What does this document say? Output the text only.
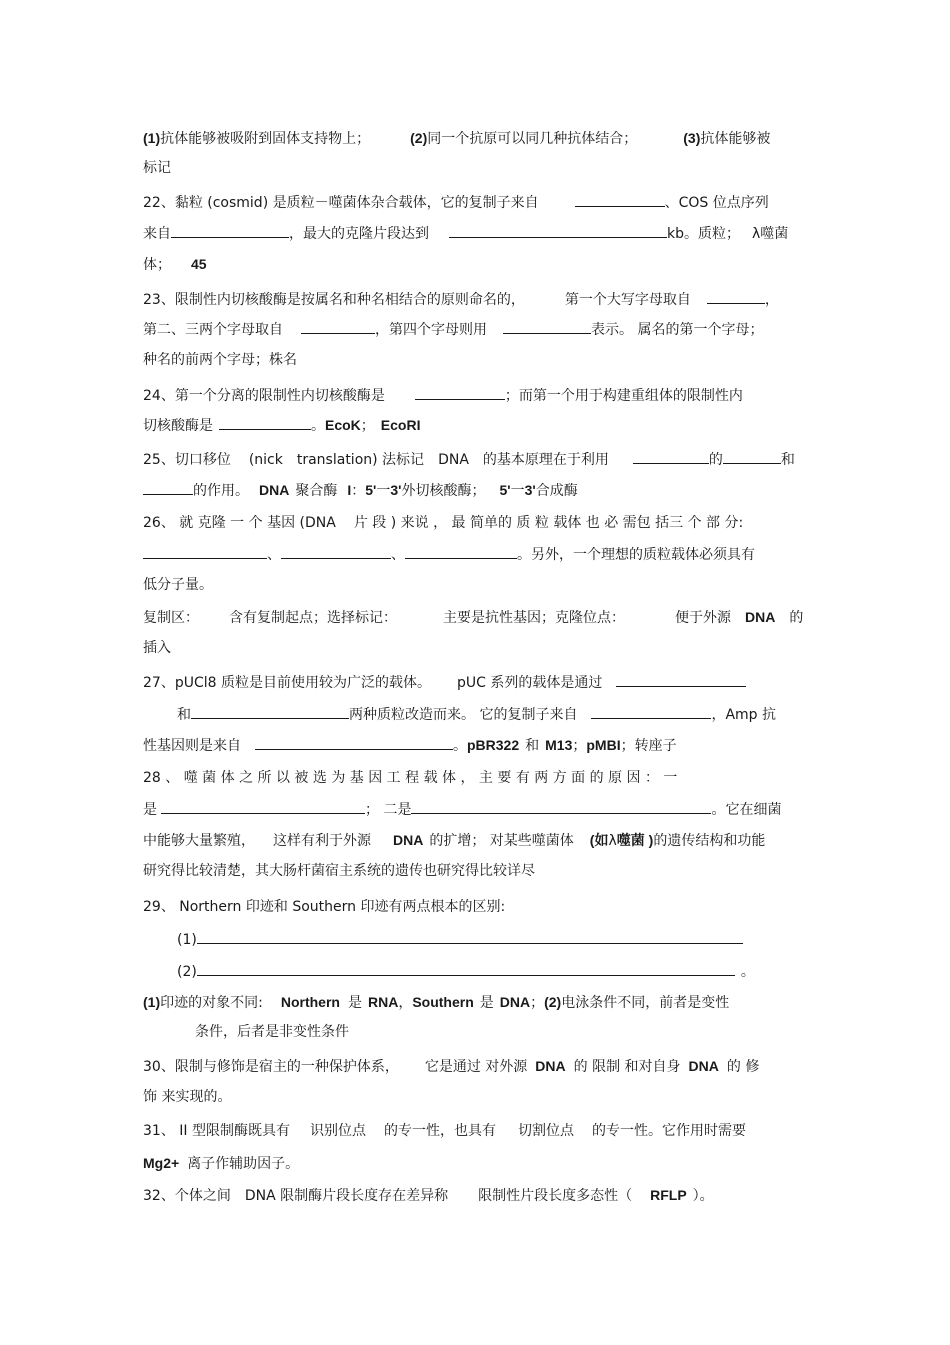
(1)抗体能够被吸附到固体支持物上；	(2)同一个抗原可以同几种抗体结合；	(3)抗体能够被
标记
22、黏粒 (cosmid) 是质粒－噬菌体杂合载体，它的复制子来自	、COS 位点序列
来自	，最大的克隆片段达到	kb。质粒； λ噬菌
体； 45
23、限制性内切核酸酶是按属名和种名相结合的原则命名的，	第一个大写字母取自	，
第二、三两个字母取自	，第四个字母则用	表示。 属名的第一个字母；
种名的前两个字母；株名
24、第一个分离的限制性内切核酸酶是	；而第一个用于构建重组体的限制性内
切核酸酶是	。EcoK； EcoRI
25、切口移位 (nick translation) 法标记 DNA 的基本原理在于利用	的	和
的作用。 DNA 聚合酶 I：5'一3'外切核酸酶； 5'一3'合成酶
26、 就 克隆 一 个 基因 (DNA 片 段 ) 来说 ， 最 简单的 质 粒 载体 也 必 需包 括三 个 部 分:
、	、	。另外，一个理想的质粒载体必须具有
低分子量。
复制区： 含有复制起点；选择标记：	主要是抗性基因；克隆位点：	便于外源 DNA 的
插入
27、pUCl8 质粒是目前使用较为广泛的载体。 pUC 系列的载体是通过
和	两种质粒改造而来。 它的复制子来自	，Amp 抗
性基因则是来自	。pBR322 和 M13；pMBI；转座子
28 、 噬 菌 体 之 所 以 被 选 为 基 因 工 程 载 体 ， 主 要 有 两 方 面 的 原 因 ： 一
是	； 二是	。它在细菌
中能够大量繁殖， 这样有利于外源 DNA 的扩增； 对某些噬菌体 (如λ噬菌 )的遗传结构和功能
研究得比较清楚，其大肠杆菌宿主系统的遗传也研究得比较详尽
29、 Northern 印迹和 Southern 印迹有两点根本的区别:
(1)
(2)	。
(1)印迹的对象不同: Northern 是 RNA，Southern 是 DNA；(2)电泳条件不同，前者是变性
条件，后者是非变性条件
30、限制与修饰是宿主的一种保护体系， 它是通过 对外源 DNA 的 限制 和对自身 DNA 的 修
饰 来实现的。
31、 II 型限制酶既具有 识别位点 的专一性，也具有 切割位点 的专一性。它作用时需要
Mg2+ 离子作辅助因子。
32、个体之间 DNA 限制酶片段长度存在差异称 限制性片段长度多态性（ RFLP ）。
